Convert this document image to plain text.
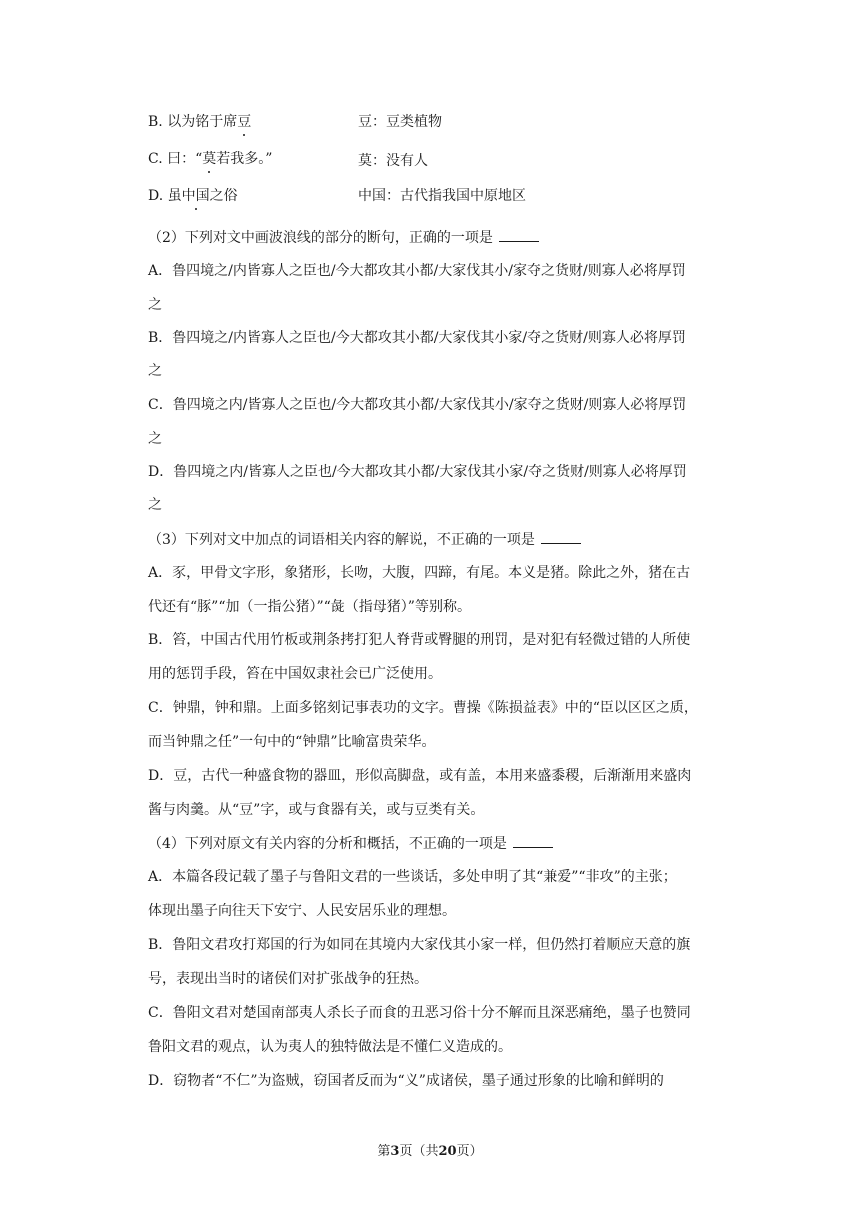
B. 以为铭于席豆	豆：豆类植物
C. 曰：“莫若我多。”	莫：没有人
D. 虽中国之俗	中国：古代指我国中原地区
（2）下列对文中画波浪线的部分的断句，正确的一项是
A．鲁四境之/内皆寡人之臣也/今大都攻其小都/大家伐其小/家夺之货财/则寡人必将厚罚
之
B．鲁四境之/内皆寡人之臣也/今大都攻其小都/大家伐其小家/夺之货财/则寡人必将厚罚
之
C．鲁四境之内/皆寡人之臣也/今大都攻其小都/大家伐其小/家夺之货财/则寡人必将厚罚
之
D．鲁四境之内/皆寡人之臣也/今大都攻其小都/大家伐其小家/夺之货财/则寡人必将厚罚
之
（3）下列对文中加点的词语相关内容的解说，不正确的一项是
A．豕，甲骨文字形，象猪形，长吻，大腹，四蹄，有尾。本义是猪。除此之外，猪在古
代还有“豚”“加（一指公猪）”“彘（指母猪）”等别称。
B．笞，中国古代用竹板或荆条拷打犯人脊背或臀腿的刑罚，是对犯有轻微过错的人所使
用的惩罚手段，笞在中国奴隶社会已广泛使用。
C．钟鼎，钟和鼎。上面多铭刻记事表功的文字。曹操《陈损益表》中的“臣以区区之质，
而当钟鼎之任”一句中的“钟鼎”比喻富贵荣华。
D．豆，古代一种盛食物的器皿，形似高脚盘，或有盖，本用来盛黍稷，后渐渐用来盛肉
酱与肉羹。从“豆”字，或与食器有关，或与豆类有关。
（4）下列对原文有关内容的分析和概括，不正确的一项是
A．本篇各段记载了墨子与鲁阳文君的一些谈话，多处申明了其“兼爱”“非攻”的主张；
体现出墨子向往天下安宁、人民安居乐业的理想。
B．鲁阳文君攻打郑国的行为如同在其境内大家伐其小家一样，但仍然打着顺应天意的旗
号，表现出当时的诸侯们对扩张战争的狂热。
C．鲁阳文君对楚国南部夷人杀长子而食的丑恶习俗十分不解而且深恶痛绝，墨子也赞同
鲁阳文君的观点，认为夷人的独特做法是不懂仁义造成的。
D．窃物者“不仁”为盗贼，窃国者反而为“义”成诸侯，墨子通过形象的比喻和鲜明的
第3页（共20页）
